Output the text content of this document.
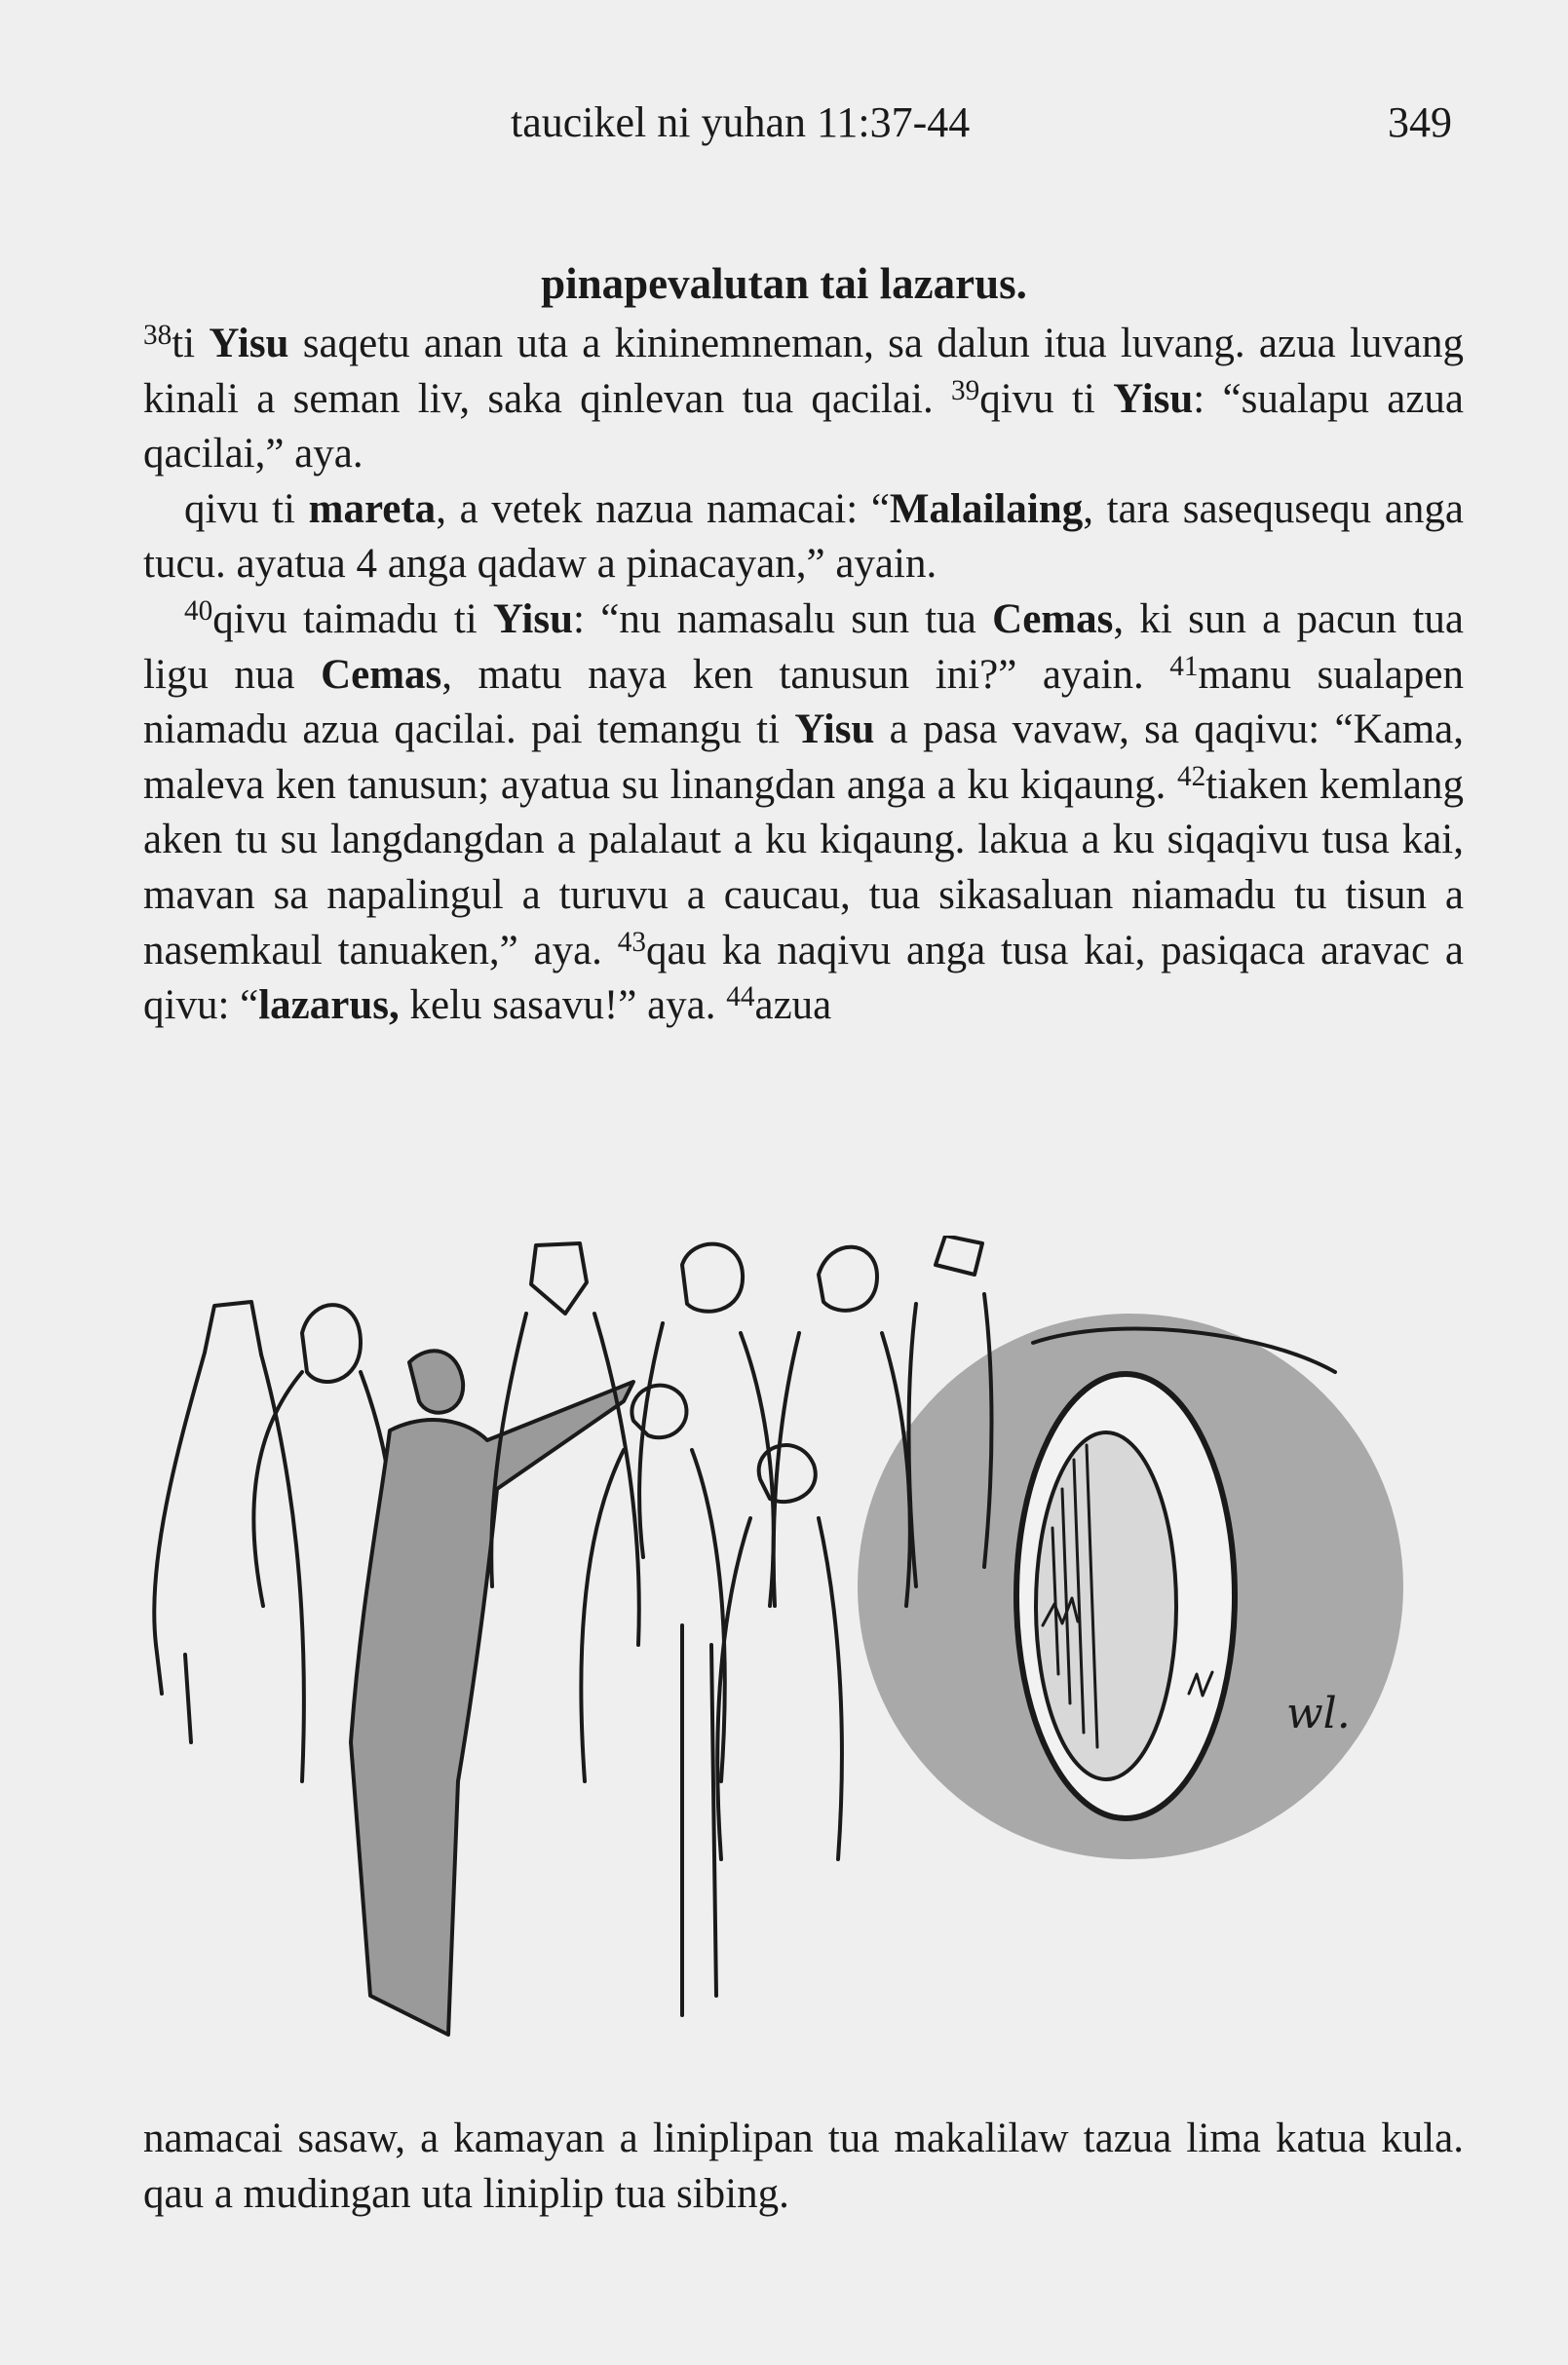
taucikel ni yuhan 11:37-44	349
pinapevalutan tai lazarus.

$^{38}$ti Yisu saqetu anan uta a kininemneman, sa dalun itua luvang. azua luvang kinali a seman liv, saka qinlevan tua qacilai. $^{39}$qivu ti Yisu: “sualapu azua qacilai,” aya.

qivu ti mareta, a vetek nazua namacai: “Malailaing, tara sasequsequ anga tucu. ayatua 4 anga qadaw a pinacayan,” ayain.

$^{40}$qivu taimadu ti Yisu: “nu namasalu sun tua Cemas, ki sun a pacun tua ligu nua Cemas, matu naya ken tanusun ini?” ayain. $^{41}$manu sualapen niamadu azua qacilai. pai temangu ti Yisu a pasa vavaw, sa qaqivu: “Kama, maleva ken tanusun; ayatua su linangdan anga a ku kiqaung. $^{42}$tiaken kemlang aken tu su langdangdan a palalaut a ku kiqaung. lakua a ku siqaqivu tusa kai, mavan sa napalingul a turuvu a caucau, tua sikasaluan niamadu tu tisun a nasemkaul tanuaken,” aya. $^{43}$qau ka naqivu anga tusa kai, pasiqaca aravac a qivu: “lazarus, kelu sasavu!” aya. $^{44}$azua

wl.

namacai sasaw, a kamayan a liniplipan tua makalilaw tazua lima katua kula. qau a mudingan uta liniplip tua sibing.
